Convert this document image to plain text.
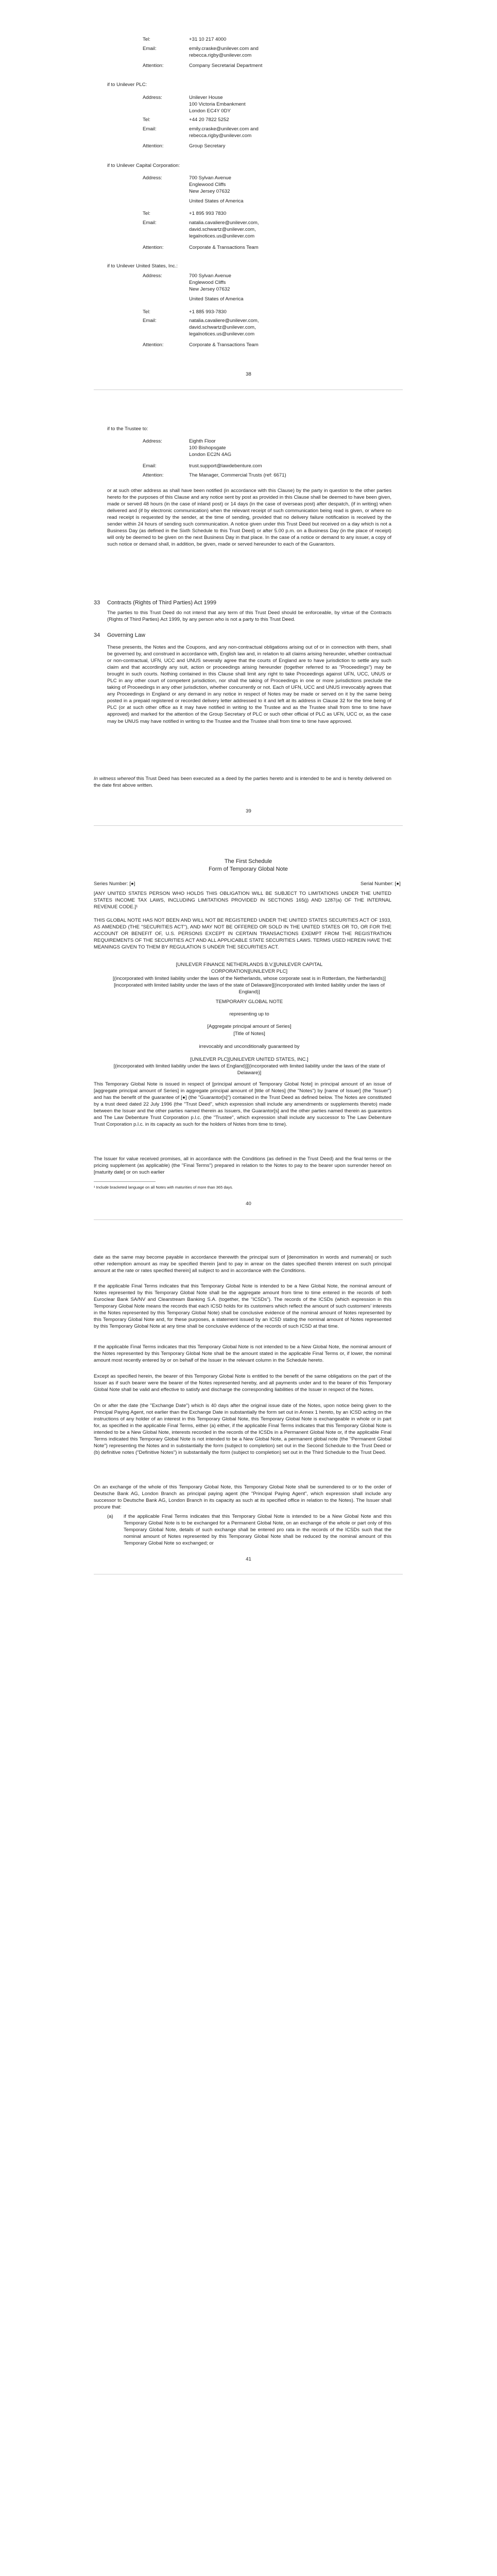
Tel:	+31 10 217 4000
Email:	emily.craske@unilever.com and
rebecca.rigby@unilever.com
Attention:	Company Secretarial Department
if to Unilever PLC:
Address:	Unilever House
100 Victoria Embankment
London EC4Y 0DY
Tel:	+44 20 7822 5252
Email:	emily.craske@unilever.com and
rebecca.rigby@unilever.com
Attention:	Group Secretary
if to Unilever Capital Corporation:
Address:	700 Sylvan Avenue
Englewood Cliffs
New Jersey 07632
United States of America
Tel:	+1 895 993 7830
Email:	natalia.cavaliere@unilever.com,
david.schwartz@unilever.com,
legalnotices.us@unilever.com
Attention:	Corporate & Transactions Team
if to Unilever United States, Inc.:
Address:	700 Sylvan Avenue
Englewood Cliffs
New Jersey 07632
United States of America
Tel:	+1 885 993-7830
Email:	natalia.cavaliere@unilever.com,
david.schwartz@unilever.com,
legalnotices.us@unilever.com
Attention:	Corporate & Transactions Team
38
if to the Trustee to:
Address:	Eighth Floor
100 Bishopsgate
London EC2N 4AG
Email:	trust.support@lawdebenture.com
Attention:	The Manager, Commercial Trusts (ref: 6671)
or at such other address as shall have been notified (in accordance with this Clause) by the party in question to the other parties hereto for the purposes of this Clause and any notice sent by post as provided in this Clause shall be deemed to have been given, made or served 48 hours (in the case of inland post) or 14 days (in the case of overseas post) after despatch, (if in writing) when delivered and (if by electronic communication) when the relevant receipt of such communication being read is given, or where no read receipt is requested by the sender, at the time of sending, provided that no delivery failure notification is received by the sender within 24 hours of sending such communication. A notice given under this Trust Deed but received on a day which is not a Business Day (as defined in the Sixth Schedule to this Trust Deed) or after 5.00 p.m. on a Business Day (in the place of receipt) will only be deemed to be given on the next Business Day in that place. In the case of a notice or demand to any issuer, a copy of such notice or demand shall, in addition, be given, made or served hereunder to each of the Guarantors.
33 Contracts (Rights of Third Parties) Act 1999
The parties to this Trust Deed do not intend that any term of this Trust Deed should be enforceable, by virtue of the Contracts (Rights of Third Parties) Act 1999, by any person who is not a party to this Trust Deed.
34 Governing Law
These presents, the Notes and the Coupons, and any non-contractual obligations arising out of or in connection with them, shall be governed by, and construed in accordance with, English law and, in relation to all claims arising hereunder, whether contractual or non-contractual, UFN, UCC and UNUS severally agree that the courts of England are to have jurisdiction to settle any such claim and that accordingly any suit, action or proceedings arising hereunder (together referred to as "Proceedings") may be brought in such courts. Nothing contained in this Clause shall limit any right to take Proceedings against UFN, UCC, UNUS or PLC in any other court of competent jurisdiction, nor shall the taking of Proceedings in one or more jurisdictions preclude the taking of Proceedings in any other jurisdiction, whether concurrently or not. Each of UFN, UCC and UNUS irrevocably agrees that any Proceedings in England or any demand in any notice in respect of Notes may be made or served on it by the same being posted in a prepaid registered or recorded delivery letter addressed to it and left at its address in Clause 32 for the time being of PLC (or at such other office as it may have notified in writing to the Trustee and as the Trustee shall from time to time have approved) and marked for the attention of the Group Secretary of PLC or such other official of PLC as UFN, UCC or, as the case may be UNUS may have notified in writing to the Trustee and the Trustee shall from time to time have approved.
In witness whereof this Trust Deed has been executed as a deed by the parties hereto and is intended to be and is hereby delivered on the date first above written.
39
The First Schedule
Form of Temporary Global Note
Series Number: [●]	Serial Number: [●]
[ANY UNITED STATES PERSON WHO HOLDS THIS OBLIGATION WILL BE SUBJECT TO LIMITATIONS UNDER THE UNITED STATES INCOME TAX LAWS, INCLUDING LIMITATIONS PROVIDED IN SECTIONS 165(j) AND 1287(a) OF THE INTERNAL REVENUE CODE.]¹
THIS GLOBAL NOTE HAS NOT BEEN AND WILL NOT BE REGISTERED UNDER THE UNITED STATES SECURITIES ACT OF 1933, AS AMENDED (THE "SECURITIES ACT"), AND MAY NOT BE OFFERED OR SOLD IN THE UNITED STATES OR TO, OR FOR THE ACCOUNT OR BENEFIT OF, U.S. PERSONS EXCEPT IN CERTAIN TRANSACTIONS EXEMPT FROM THE REGISTRATION REQUIREMENTS OF THE SECURITIES ACT AND ALL APPLICABLE STATE SECURITIES LAWS. TERMS USED HEREIN HAVE THE MEANINGS GIVEN TO THEM BY REGULATION S UNDER THE SECURITIES ACT.
[UNILEVER FINANCE NETHERLANDS B.V.][UNILEVER CAPITAL
CORPORATION][UNILEVER PLC]
[(incorporated with limited liability under the laws of the Netherlands, whose corporate seat is in Rotterdam, the Netherlands)][incorporated with limited liability under the laws of the state of Delaware][(incorporated with limited liability under the laws of England)]
TEMPORARY GLOBAL NOTE
representing up to
[Aggregate principal amount of Series]
[Title of Notes]
irrevocably and unconditionally guaranteed by
[UNILEVER PLC][UNILEVER UNITED STATES, INC.]
[(incorporated with limited liability under the laws of England)][(incorporated with limited liability under the laws of the state of Delaware)]
This Temporary Global Note is issued in respect of [principal amount of Temporary Global Note] in principal amount of an issue of [aggregate principal amount of Series] in aggregate principal amount of [title of Notes] (the "Notes") by [name of Issuer] (the "Issuer") and has the benefit of the guarantee of [●] (the "Guarantor[s]") contained in the Trust Deed as defined below. The Notes are constituted by a trust deed dated 22 July 1996 (the "Trust Deed", which expression shall include any amendments or supplements thereto) made between the Issuer and the other parties named therein as Issuers, the Guarantor[s] and the other parties named therein as guarantors and The Law Debenture Trust Corporation p.l.c. (the "Trustee", which expression shall include any successor to The Law Debenture Trust Corporation p.l.c. in its capacity as such for the holders of Notes from time to time).
The Issuer for value received promises, all in accordance with the Conditions (as defined in the Trust Deed) and the final terms or the pricing supplement (as applicable) (the "Final Terms") prepared in relation to the Notes to pay to the bearer upon surrender hereof on [maturity date] or on such earlier
¹ Include bracketed language on all Notes with maturities of more than 365 days.
40
date as the same may become payable in accordance therewith the principal sum of [denomination in words and numerals] or such other redemption amount as may be specified therein [and to pay in arrear on the dates specified therein interest on such principal amount at the rate or rates specified therein] all subject to and in accordance with the Conditions.
If the applicable Final Terms indicates that this Temporary Global Note is intended to be a New Global Note, the nominal amount of Notes represented by this Temporary Global Note shall be the aggregate amount from time to time entered in the records of both Euroclear Bank SA/NV and Clearstream Banking S.A. (together, the "ICSDs"). The records of the ICSDs (which expression in this Temporary Global Note means the records that each ICSD holds for its customers which reflect the amount of such customers' interests in the Notes represented by this Temporary Global Note) shall be conclusive evidence of the nominal amount of Notes represented by this Temporary Global Note and, for these purposes, a statement issued by an ICSD stating the nominal amount of Notes represented by this Temporary Global Note at any time shall be conclusive evidence of the records of such ICSD at that time.
If the applicable Final Terms indicates that this Temporary Global Note is not intended to be a New Global Note, the nominal amount of the Notes represented by this Temporary Global Note shall be the amount stated in the applicable Final Terms or, if lower, the nominal amount most recently entered by or on behalf of the Issuer in the relevant column in the Schedule hereto.
Except as specified herein, the bearer of this Temporary Global Note is entitled to the benefit of the same obligations on the part of the Issuer as if such bearer were the bearer of the Notes represented hereby, and all payments under and to the bearer of this Temporary Global Note shall be valid and effective to satisfy and discharge the corresponding liabilities of the Issuer in respect of the Notes.
On or after the date (the "Exchange Date") which is 40 days after the original issue date of the Notes, upon notice being given to the Principal Paying Agent, not earlier than the Exchange Date in substantially the form set out in Annex 1 hereto, by an ICSD acting on the instructions of any holder of an interest in this Temporary Global Note, this Temporary Global Note is exchangeable in whole or in part for, as specified in the applicable Final Terms, either (a) either, if the applicable Final Terms indicates that this Temporary Global Note is intended to be a New Global Note, interests recorded in the records of the ICSDs in a Permanent Global Note or, if the applicable Final Terms indicated this Temporary Global Note is not intended to be a New Global Note, a permanent global note (the "Permanent Global Note") representing the Notes and in substantially the form (subject to completion) set out in the Second Schedule to the Trust Deed or (b) definitive notes ("Definitive Notes") in substantially the form (subject to completion) set out in the Third Schedule to the Trust Deed.
On an exchange of the whole of this Temporary Global Note, this Temporary Global Note shall be surrendered to or to the order of Deutsche Bank AG, London Branch as principal paying agent (the "Principal Paying Agent", which expression shall include any successor to Deutsche Bank AG, London Branch in its capacity as such at its specified office in relation to the Notes). The Issuer shall procure that:
(a) if the applicable Final Terms indicates that this Temporary Global Note is intended to be a New Global Note and this Temporary Global Note is to be exchanged for a Permanent Global Note, on an exchange of the whole or part only of this Temporary Global Note, details of such exchange shall be entered pro rata in the records of the ICSDs such that the nominal amount of Notes represented by this Temporary Global Note shall be reduced by the nominal amount of this Temporary Global Note so exchanged; or
41
